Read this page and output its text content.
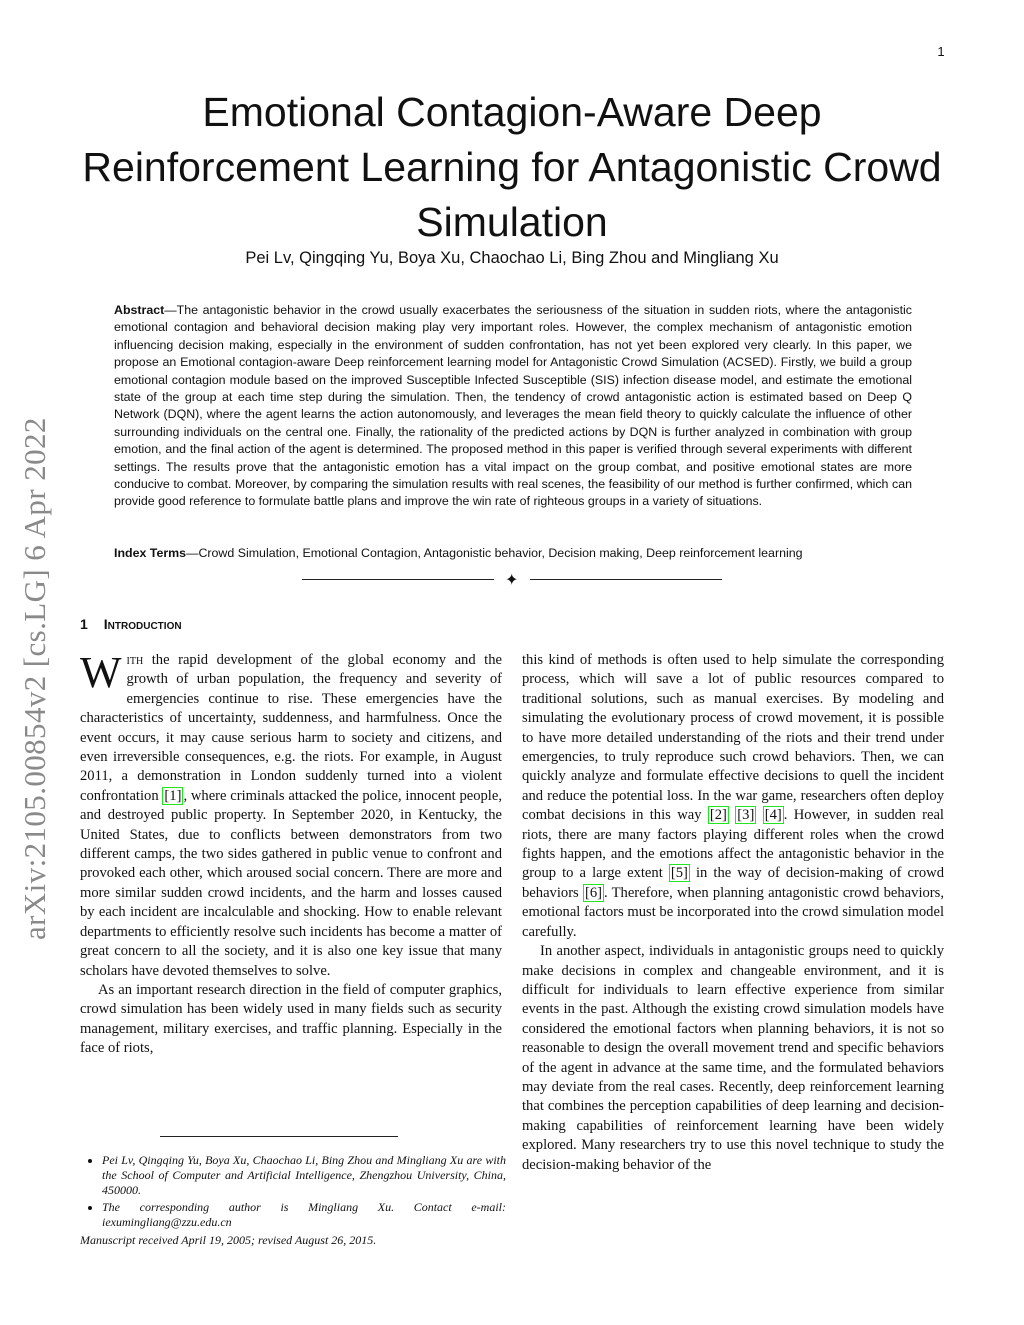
1
arXiv:2105.00854v2 [cs.LG] 6 Apr 2022
Emotional Contagion-Aware Deep Reinforcement Learning for Antagonistic Crowd Simulation
Pei Lv, Qingqing Yu, Boya Xu, Chaochao Li, Bing Zhou and Mingliang Xu

Abstract—The antagonistic behavior in the crowd usually exacerbates the seriousness of the situation in sudden riots, where the antagonistic emotional contagion and behavioral decision making play very important roles. However, the complex mechanism of antagonistic emotion influencing decision making, especially in the environment of sudden confrontation, has not yet been explored very clearly. In this paper, we propose an Emotional contagion-aware Deep reinforcement learning model for Antagonistic Crowd Simulation (ACSED). Firstly, we build a group emotional contagion module based on the improved Susceptible Infected Susceptible (SIS) infection disease model, and estimate the emotional state of the group at each time step during the simulation. Then, the tendency of crowd antagonistic action is estimated based on Deep Q Network (DQN), where the agent learns the action autonomously, and leverages the mean field theory to quickly calculate the influence of other surrounding individuals on the central one. Finally, the rationality of the predicted actions by DQN is further analyzed in combination with group emotion, and the final action of the agent is determined. The proposed method in this paper is verified through several experiments with different settings. The results prove that the antagonistic emotion has a vital impact on the group combat, and positive emotional states are more conducive to combat. Moreover, by comparing the simulation results with real scenes, the feasibility of our method is further confirmed, which can provide good reference to formulate battle plans and improve the win rate of righteous groups in a variety of situations.

Index Terms—Crowd Simulation, Emotional Contagion, Antagonistic behavior, Decision making, Deep reinforcement learning

✦
1 Introduction

With the rapid development of the global economy and the growth of urban population, the frequency and severity of emergencies continue to rise. These emergencies have the characteristics of uncertainty, suddenness, and harmfulness. Once the event occurs, it may cause serious harm to society and citizens, and even irreversible consequences, e.g. the riots. For example, in August 2011, a demonstration in London suddenly turned into a violent confrontation [1] , where criminals attacked the police, innocent people, and destroyed public property. In September 2020, in Kentucky, the United States, due to conflicts between demonstrators from two different camps, the two sides gathered in public venue to confront and provoked each other, which aroused social concern. There are more and more similar sudden crowd incidents, and the harm and losses caused by each incident are incalculable and shocking. How to enable relevant departments to efficiently resolve such incidents has become a matter of great concern to all the society, and it is also one key issue that many scholars have devoted themselves to solve.

As an important research direction in the field of computer graphics, crowd simulation has been widely used in many fields such as security management, military exercises, and traffic planning. Especially in the face of riots,

this kind of methods is often used to help simulate the corresponding process, which will save a lot of public resources compared to traditional solutions, such as manual exercises. By modeling and simulating the evolutionary process of crowd movement, it is possible to have more detailed understanding of the riots and their trend under emergencies, to truly reproduce such crowd behaviors. Then, we can quickly analyze and formulate effective decisions to quell the incident and reduce the potential loss. In the war game, researchers often deploy combat decisions in this way [2] [3] [4] . However, in sudden real riots, there are many factors playing different roles when the crowd fights happen, and the emotions affect the antagonistic behavior in the group to a large extent [5] in the way of decision-making of crowd behaviors [6] . Therefore, when planning antagonistic crowd behaviors, emotional factors must be incorporated into the crowd simulation model carefully.

In another aspect, individuals in antagonistic groups need to quickly make decisions in complex and changeable environment, and it is difficult for individuals to learn effective experience from similar events in the past. Although the existing crowd simulation models have considered the emotional factors when planning behaviors, it is not so reasonable to design the overall movement trend and specific behaviors of the agent in advance at the same time, and the formulated behaviors may deviate from the real cases. Recently, deep reinforcement learning that combines the perception capabilities of deep learning and decision-making capabilities of reinforcement learning have been widely explored. Many researchers try to use this novel technique to study the decision-making behavior of the

• Pei Lv, Qingqing Yu, Boya Xu, Chaochao Li, Bing Zhou and Mingliang Xu are with the School of Computer and Artificial Intelligence, Zhengzhou University, China, 450000.
• The corresponding author is Mingliang Xu. Contact e-mail: iexumingliang@zzu.edu.cn
Manuscript received April 19, 2005; revised August 26, 2015.
